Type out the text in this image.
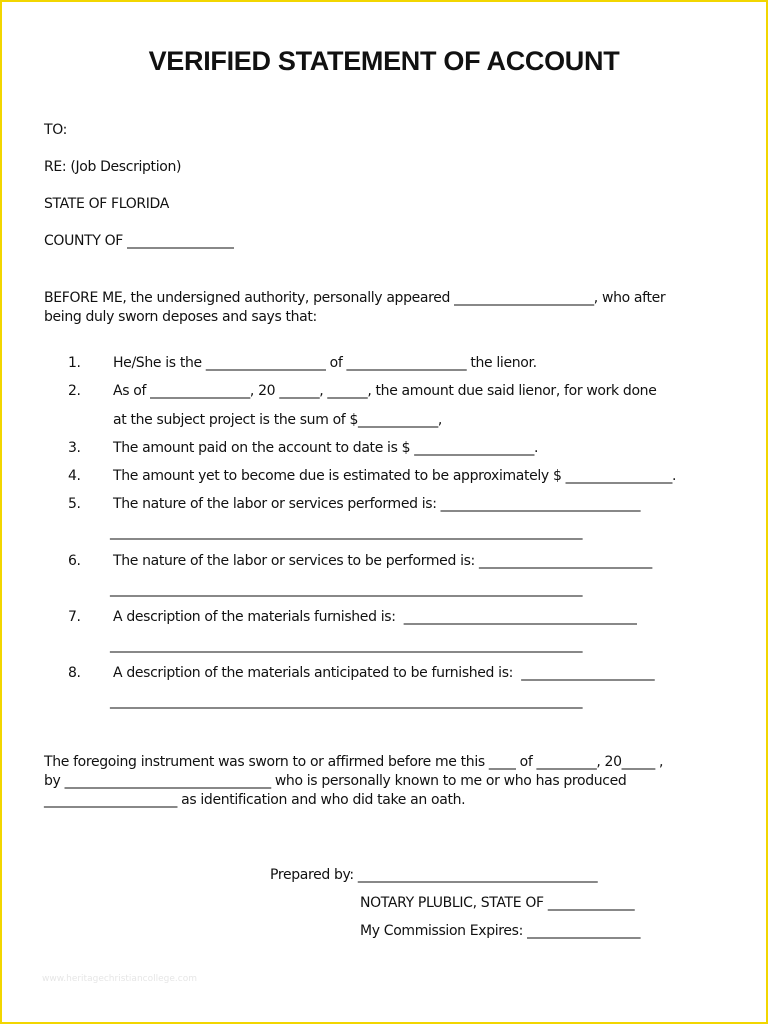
VERIFIED STATEMENT OF ACCOUNT
TO:
RE: (Job Description)
STATE OF FLORIDA
COUNTY OF ________________
BEFORE ME, the undersigned authority, personally appeared _____________________, who after
being duly sworn deposes and says that:
1. He/She is the __________________ of __________________ the lienor.
2. As of _______________, 20 ______, ______, the amount due said lienor, for work done
at the subject project is the sum of $____________,
3. The amount paid on the account to date is $ __________________.
4. The amount yet to become due is estimated to be approximately $ ________________.
5. The nature of the labor or services performed is: ______________________________
_______________________________________________________________________
6. The nature of the labor or services to be performed is: __________________________
_______________________________________________________________________
7. A description of the materials furnished is:  ___________________________________
_______________________________________________________________________
8. A description of the materials anticipated to be furnished is:  ____________________
_______________________________________________________________________
The foregoing instrument was sworn to or affirmed before me this ____ of _________, 20_____ ,
by _______________________________ who is personally known to me or who has produced
____________________ as identification and who did take an oath.
Prepared by: ____________________________________
NOTARY PLUBLIC, STATE OF _____________
My Commission Expires: _________________
www.heritagechristiancollege.com
